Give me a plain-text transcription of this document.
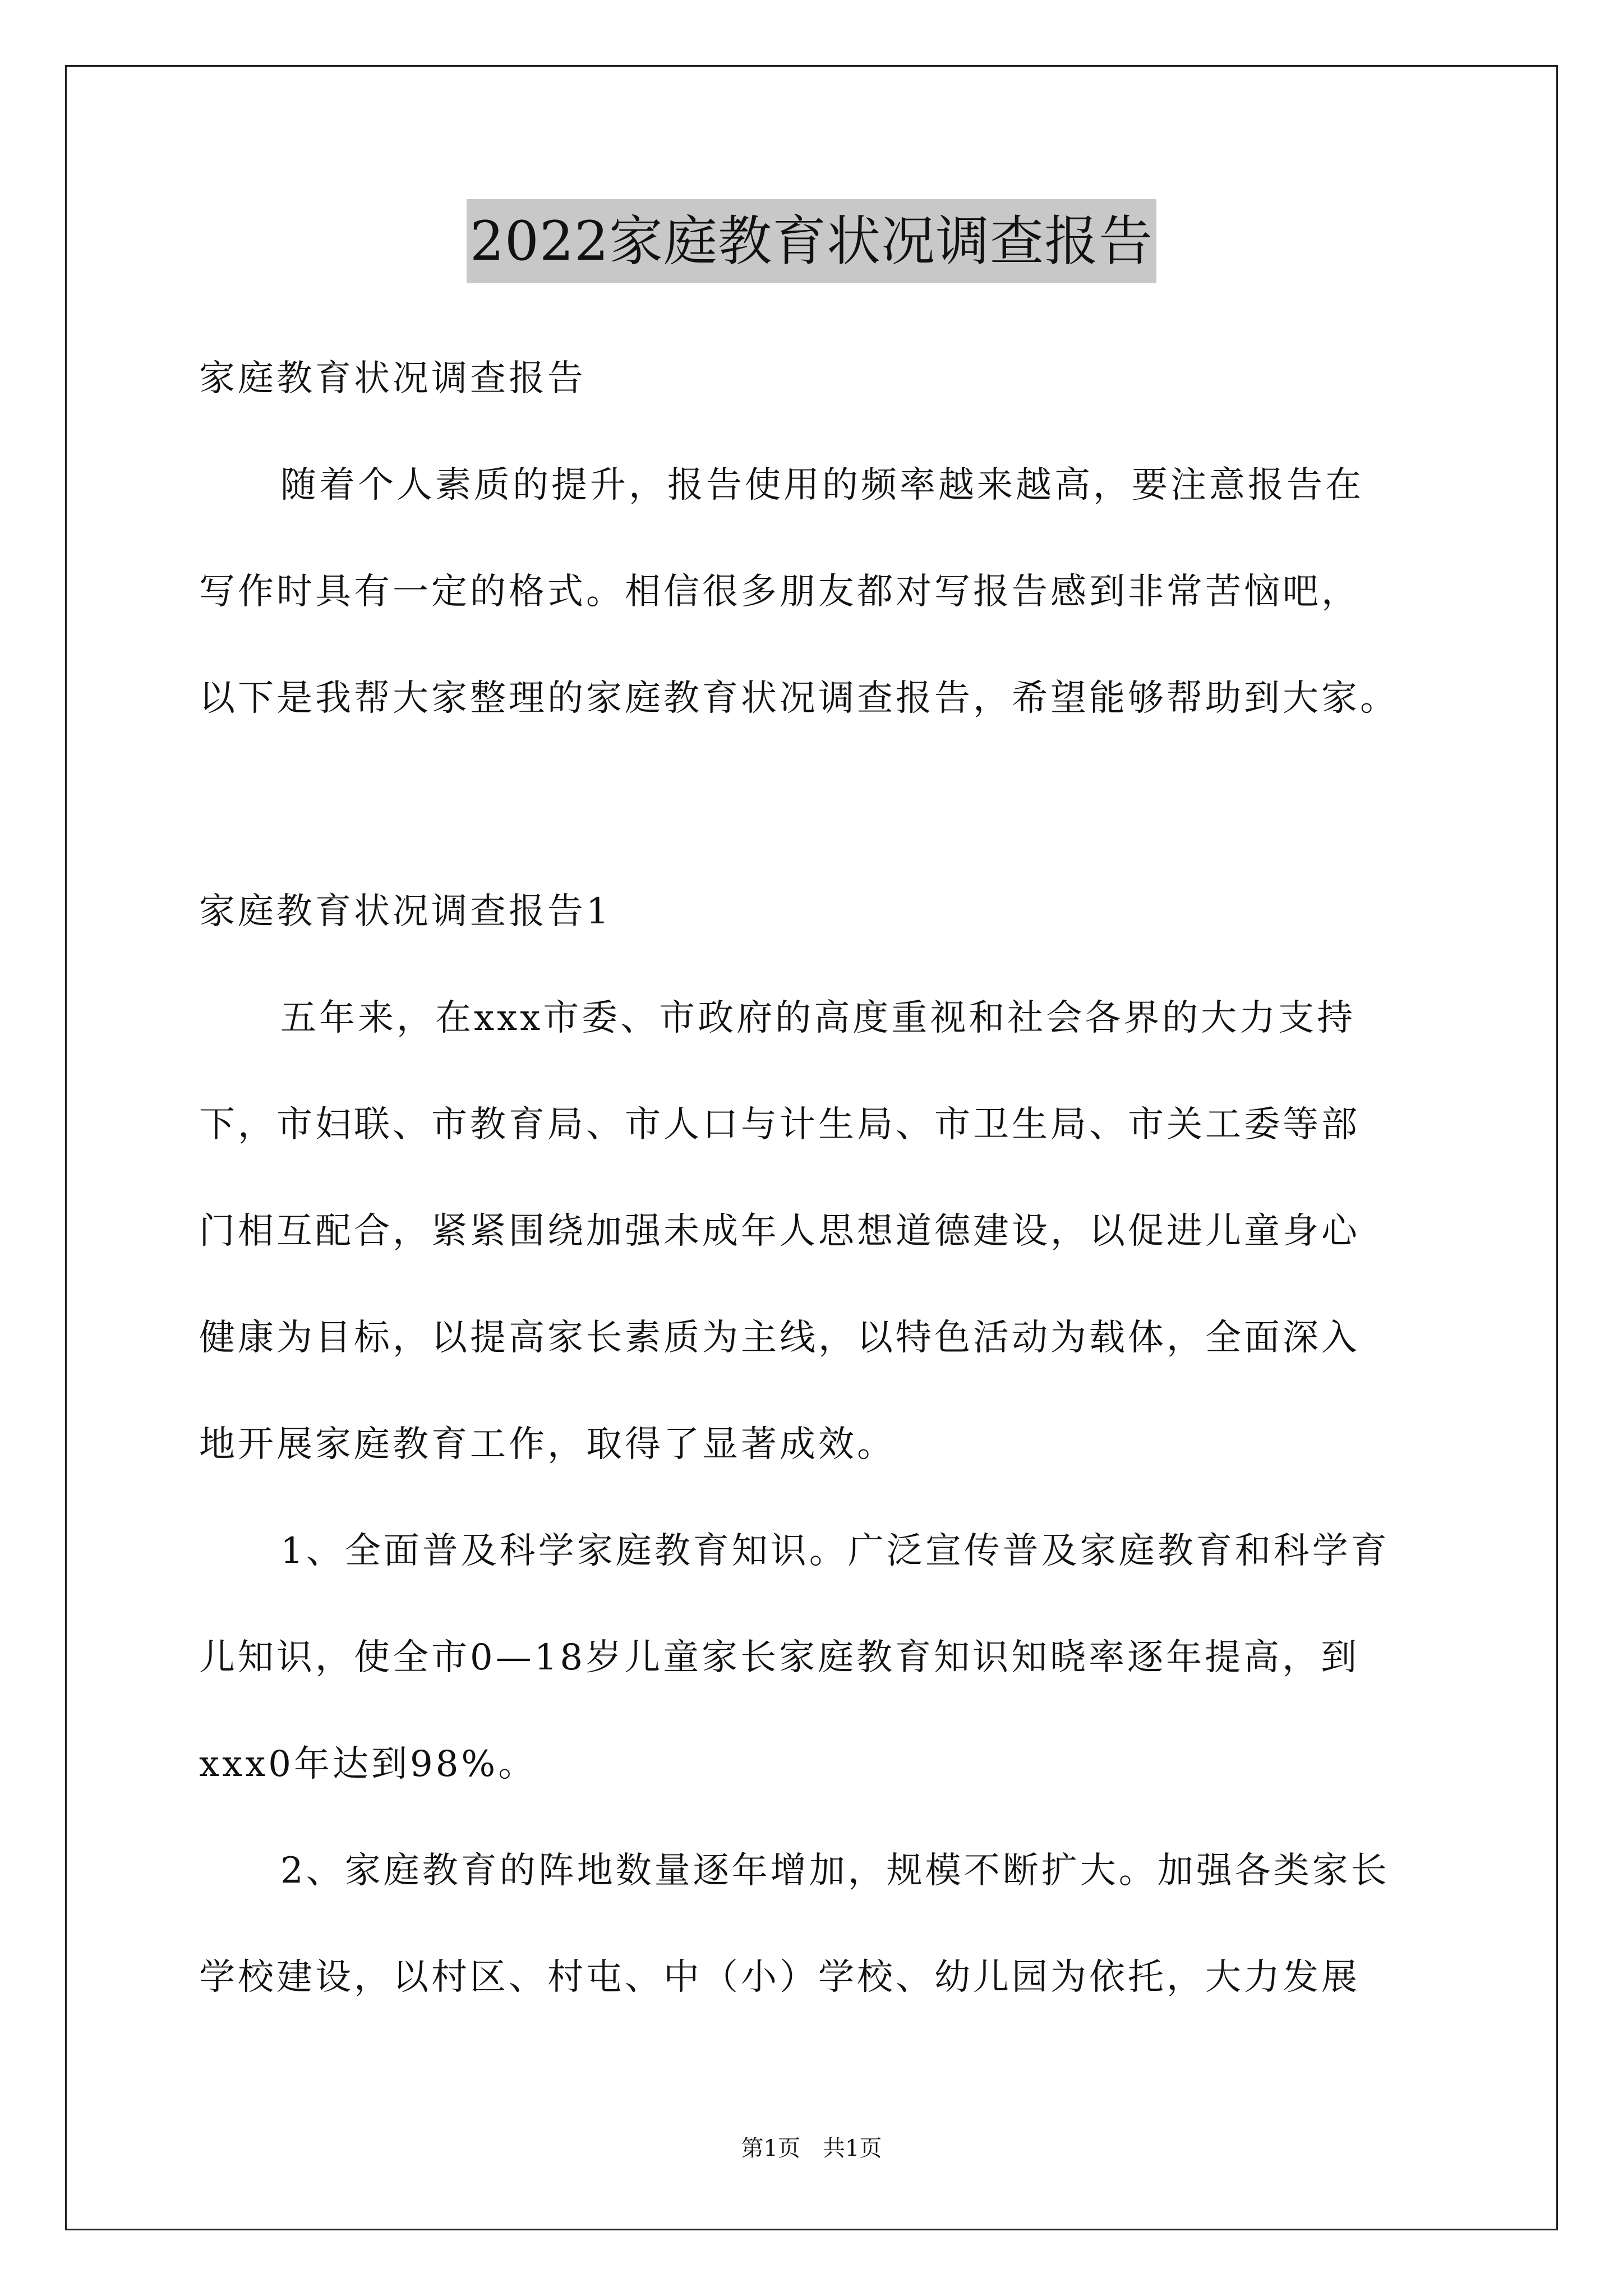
2022家庭教育状况调查报告
家庭教育状况调查报告
随着个人素质的提升，报告使用的频率越来越高，要注意报告在
写作时具有一定的格式。相信很多朋友都对写报告感到非常苦恼吧，
以下是我帮大家整理的家庭教育状况调查报告，希望能够帮助到大家。
家庭教育状况调查报告1
五年来，在xxx市委、市政府的高度重视和社会各界的大力支持
下，市妇联、市教育局、市人口与计生局、市卫生局、市关工委等部
门相互配合，紧紧围绕加强未成年人思想道德建设，以促进儿童身心
健康为目标，以提高家长素质为主线，以特色活动为载体，全面深入
地开展家庭教育工作，取得了显著成效。
1、全面普及科学家庭教育知识。广泛宣传普及家庭教育和科学育
儿知识，使全市0—18岁儿童家长家庭教育知识知晓率逐年提高，到
xxx0年达到98%。
2、家庭教育的阵地数量逐年增加，规模不断扩大。加强各类家长
学校建设，以村区、村屯、中（小）学校、幼儿园为依托，大力发展
第1页　共1页
